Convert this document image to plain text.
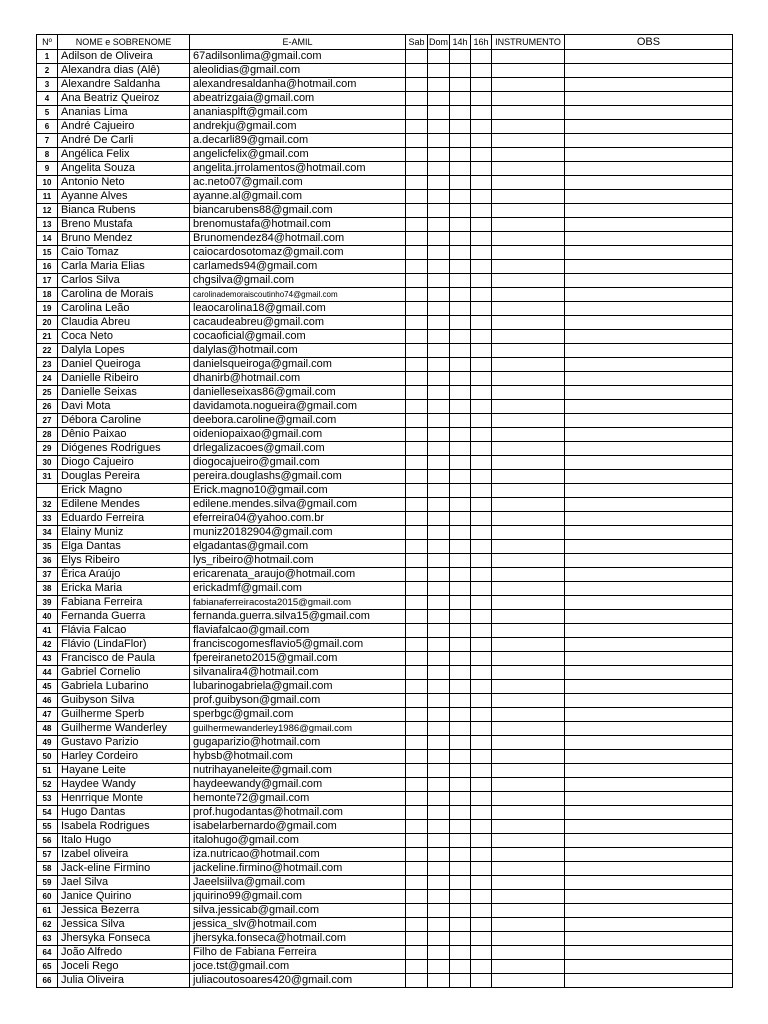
Nº	NOME e SOBRENOME	E-AMIL	Sab	Dom	14h	16h	INSTRUMENTO	OBS
1	Adilson de Oliveira	67adilsonlima@gmail.com						
2	Alexandra dias (Alê)	aleolidias@gmail.com						
3	Alexandre Saldanha	alexandresaldanha@hotmail.com						
4	Ana Beatriz Queiroz	abeatrizgaia@gmail.com						
5	Ananias Lima	ananiasplft@gmail.com						
6	André Cajueiro	andrekju@gmail.com						
7	André De Carli	a.decarli89@gmail.com						
8	Angélica Felix	angelicfelix@gmail.com						
9	Angelita Souza	angelita.jrrolamentos@hotmail.com						
10	Antonio Neto	ac.neto07@gmail.com						
11	Ayanne Alves	ayanne.al@gmail.com						
12	Bianca Rubens	biancarubens88@gmail.com						
13	Breno Mustafa	brenomustafa@hotmail.com						
14	Bruno Mendez	Brunomendez84@hotmail.com						
15	Caio Tomaz	caiocardosotomaz@gmail.com						
16	Carla Maria Elias	carlameds94@gmail.com						
17	Carlos Silva	chgsilva@gmail.com						
18	Carolina de Morais	carolinademoraiscoutinho74@gmail.com						
19	Carolina Leão	leaocarolina18@gmail.com						
20	Claudia Abreu	cacaudeabreu@gmail.com						
21	Coca Neto	cocaoficial@gmail.com						
22	Dalyla Lopes	dalylas@hotmail.com						
23	Daniel Queiroga	danielsqueiroga@gmail.com						
24	Danielle Ribeiro	dhanirb@hotmail.com						
25	Danielle Seixas	danielleseixas86@gmail.com						
26	Davi Mota	davidamota.nogueira@gmail.com						
27	Débora Caroline	deebora.caroline@gmail.com						
28	Dênio Paixao	oideniopaixao@gmail.com						
29	Diógenes Rodrigues	drlegalizacoes@gmail.com						
30	Diogo Cajueiro	diogocajueiro@gmail.com						
31	Douglas Pereira	pereira.douglashs@gmail.com						
	Erick Magno	Erick.magno10@gmail.com						
32	Edilene Mendes	edilene.mendes.silva@gmail.com						
33	Eduardo Ferreira	eferreira04@yahoo.com.br						
34	Elainy Muniz	muniz20182904@gmail.com						
35	Elga Dantas	elgadantas@gmail.com						
36	Elys Ribeiro	lys_ribeiro@hotmail.com						
37	Érica Araújo	ericarenata_araujo@hotmail.com						
38	Ericka Maria	erickadmf@gmail.com						
39	Fabiana Ferreira	fabianaferreiracosta2015@gmail.com						
40	Fernanda Guerra	fernanda.guerra.silva15@gmail.com						
41	Flávia Falcao	flaviafalcao@gmail.com						
42	Flávio (LindaFlor)	franciscogomesflavio5@gmail.com						
43	Francisco de Paula	fpereiraneto2015@gmail.com						
44	Gabriel Cornelio	silvanalira4@hotmail.com						
45	Gabriela Lubarino	lubarinogabriela@gmail.com						
46	Guibyson Silva	prof.guibyson@gmail.com						
47	Guilherme Sperb	sperbgc@gmail.com						
48	Guilherme Wanderley	guilhermewanderley1986@gmail.com						
49	Gustavo Parizio	gugaparizio@hotmail.com						
50	Harley Cordeiro	hybsb@hotmail.com						
51	Hayane Leite	nutrihayaneleite@gmail.com						
52	Haydee Wandy	haydeewandy@gmail.com						
53	Henrrique Monte	hemonte72@gmail.com						
54	Hugo Dantas	prof.hugodantas@hotmail.com						
55	Isabela Rodrigues	isabelarbernardo@gmail.com						
56	Italo Hugo	italohugo@gmail.com						
57	Izabel oliveira	iza.nutricao@hotmail.com						
58	Jack-eline Firmino	jackeline.firmino@hotmail.com						
59	Jael Silva	Jaeelsiilva@gmail.com						
60	Janice Quirino	jquirino99@gmail.com						
61	Jessica Bezerra	silva.jessicab@gmail.com						
62	Jessica Silva	jessica_slv@hotmail.com						
63	Jhersyka Fonseca	jhersyka.fonseca@hotmail.com						
64	João Alfredo	Filho de Fabiana Ferreira						
65	Joceli Rego	joce.tst@gmail.com						
66	Julia Oliveira	juliacoutosoares420@gmail.com						
